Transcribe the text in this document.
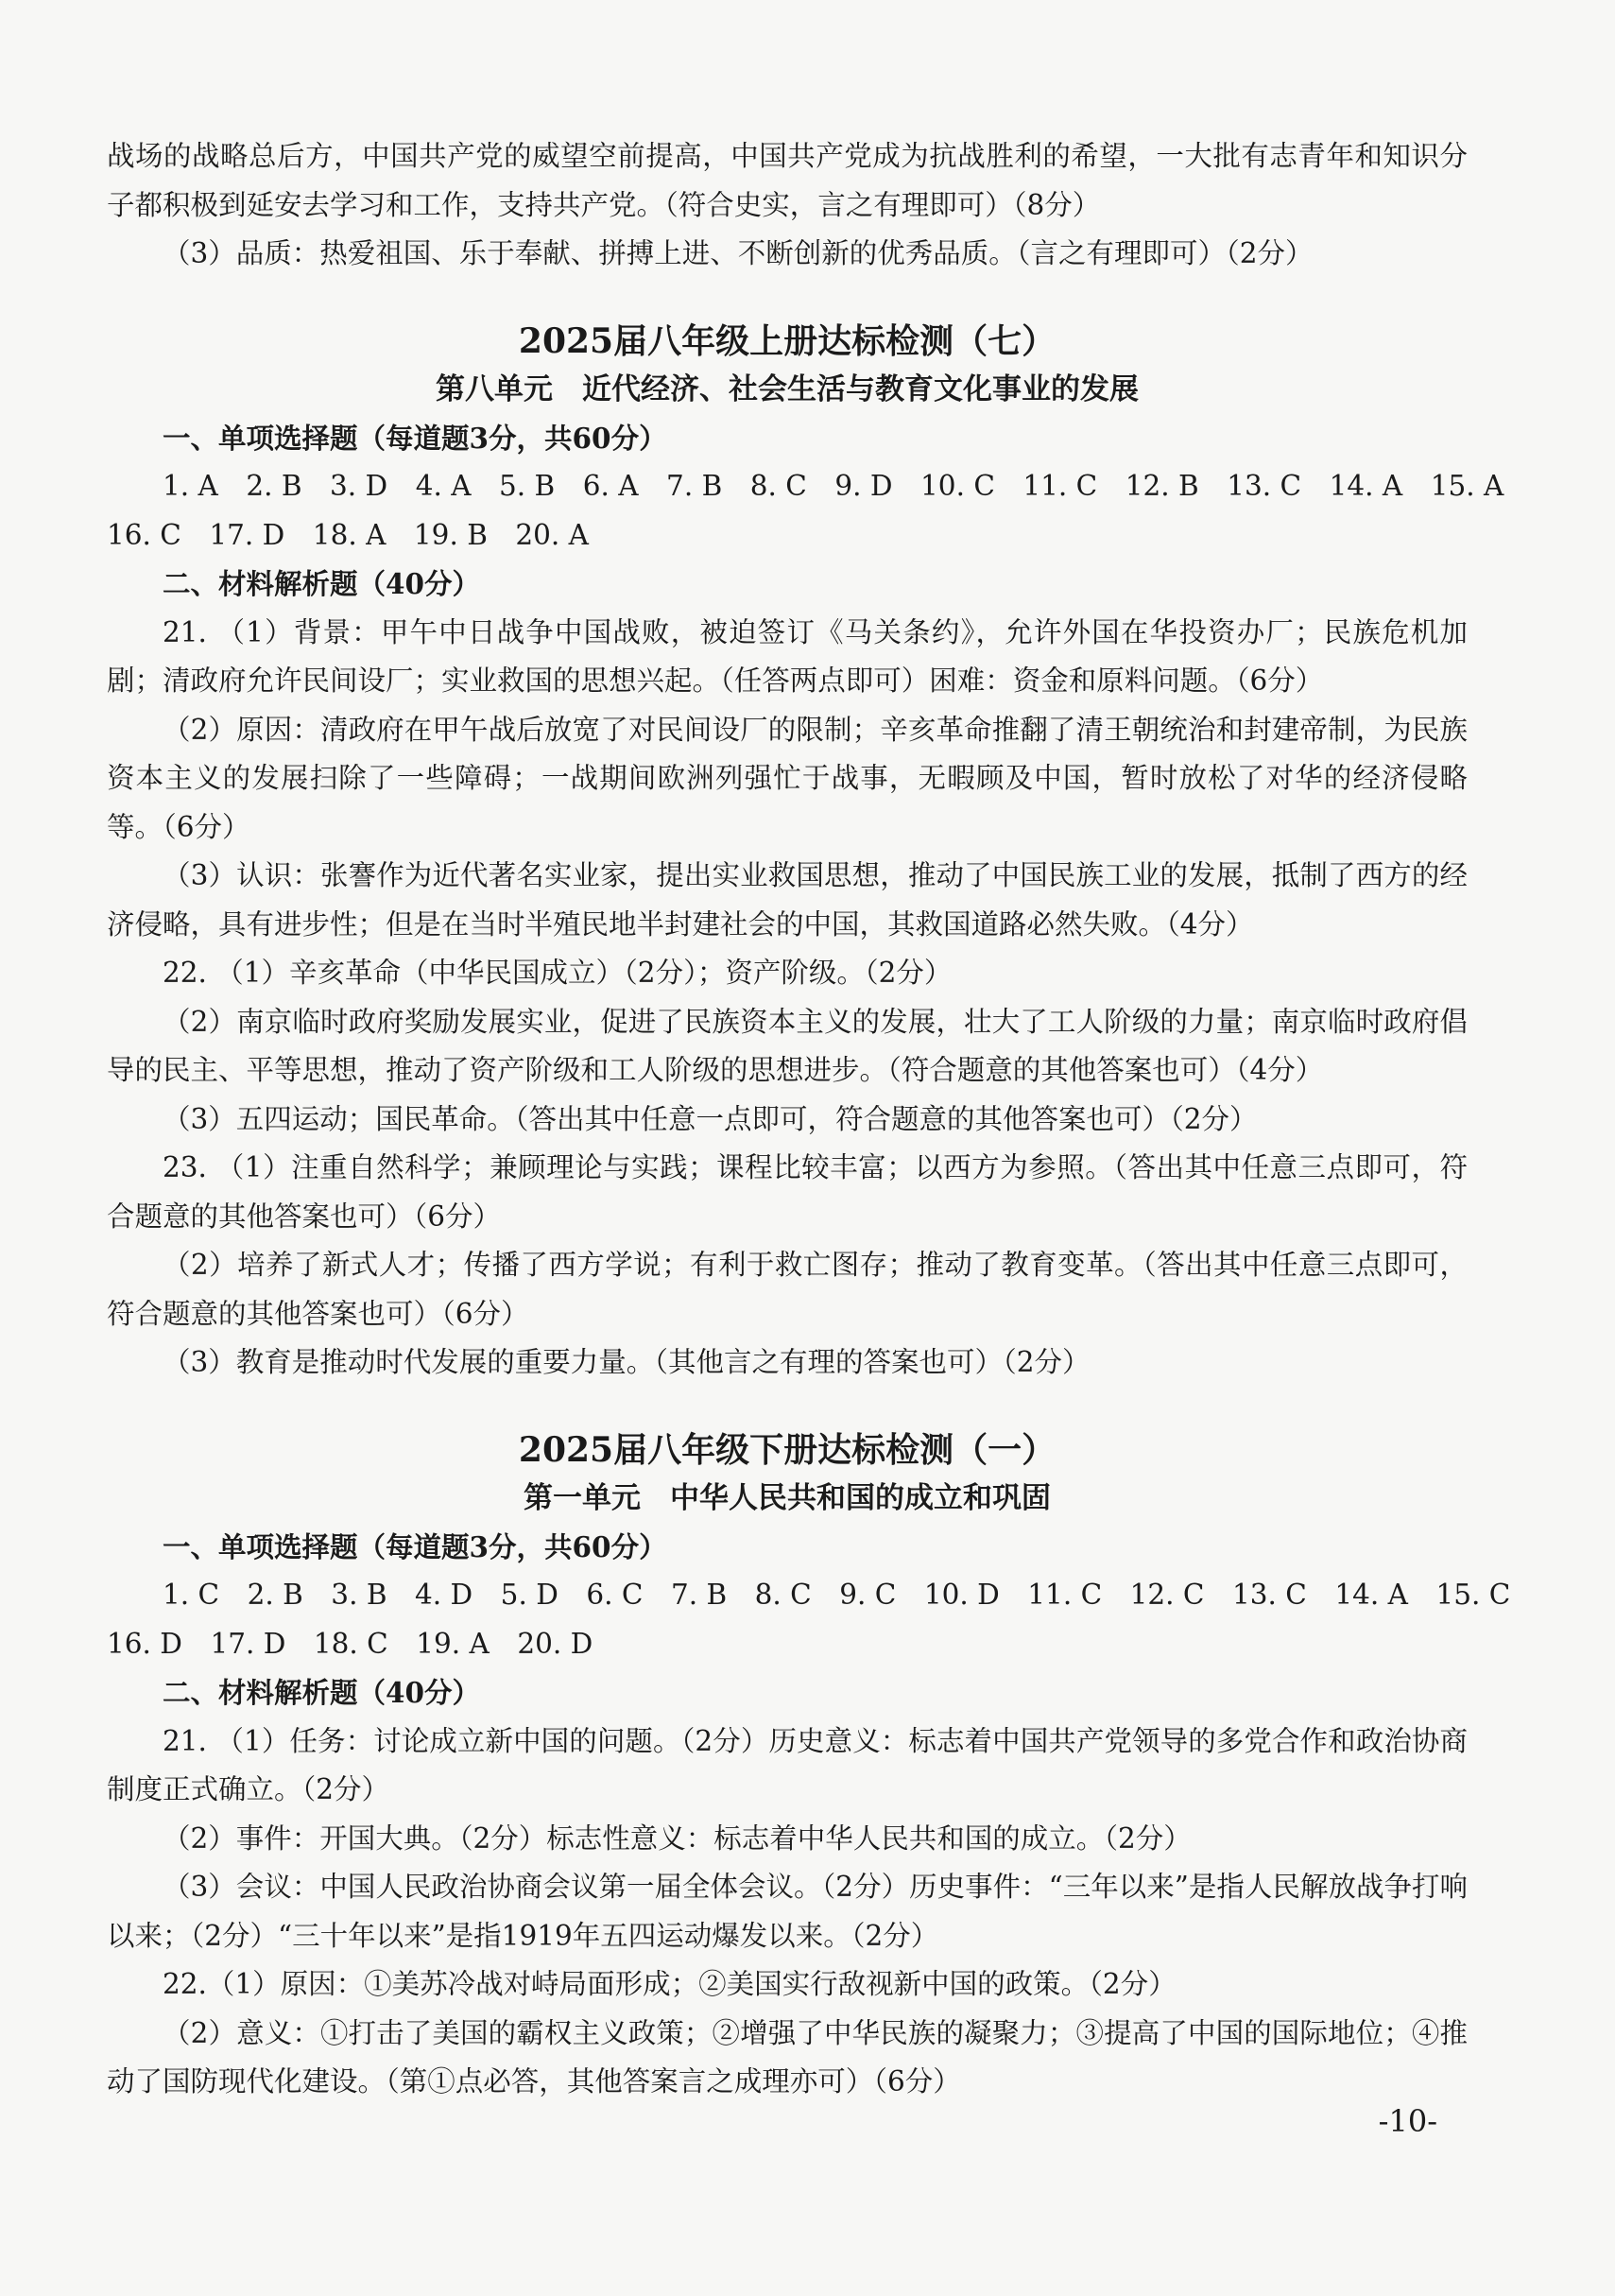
战场的战略总后方，中国共产党的威望空前提高，中国共产党成为抗战胜利的希望，一大批有志青年和知识分子都积极到延安去学习和工作，支持共产党。（符合史实，言之有理即可）（8分）

（3）品质：热爱祖国、乐于奉献、拼搏上进、不断创新的优秀品质。（言之有理即可）（2分）

2025届八年级上册达标检测（七）

第八单元　近代经济、社会生活与教育文化事业的发展

一、单项选择题（每道题3分，共60分）

1. A　2. B　3. D　4. A　5. B　6. A　7. B　8. C　9. D　10. C　11. C　12. B　13. C　14. A　15. A

16. C　17. D　18. A　19. B　20. A

二、材料解析题（40分）

21. （1）背景：甲午中日战争中国战败，被迫签订《马关条约》，允许外国在华投资办厂；民族危机加剧；清政府允许民间设厂；实业救国的思想兴起。（任答两点即可）困难：资金和原料问题。（6分）

（2）原因：清政府在甲午战后放宽了对民间设厂的限制；辛亥革命推翻了清王朝统治和封建帝制，为民族资本主义的发展扫除了一些障碍；一战期间欧洲列强忙于战事，无暇顾及中国，暂时放松了对华的经济侵略等。（6分）

（3）认识：张謇作为近代著名实业家，提出实业救国思想，推动了中国民族工业的发展，抵制了西方的经济侵略，具有进步性；但是在当时半殖民地半封建社会的中国，其救国道路必然失败。（4分）

22. （1）辛亥革命（中华民国成立）（2分）；资产阶级。（2分）

（2）南京临时政府奖励发展实业，促进了民族资本主义的发展，壮大了工人阶级的力量；南京临时政府倡导的民主、平等思想，推动了资产阶级和工人阶级的思想进步。（符合题意的其他答案也可）（4分）

（3）五四运动；国民革命。（答出其中任意一点即可，符合题意的其他答案也可）（2分）

23. （1）注重自然科学；兼顾理论与实践；课程比较丰富；以西方为参照。（答出其中任意三点即可，符合题意的其他答案也可）（6分）

（2）培养了新式人才；传播了西方学说；有利于救亡图存；推动了教育变革。（答出其中任意三点即可，符合题意的其他答案也可）（6分）

（3）教育是推动时代发展的重要力量。（其他言之有理的答案也可）（2分）

2025届八年级下册达标检测（一）

第一单元　中华人民共和国的成立和巩固

一、单项选择题（每道题3分，共60分）

1. C　2. B　3. B　4. D　5. D　6. C　7. B　8. C　9. C　10. D　11. C　12. C　13. C　14. A　15. C

16. D　17. D　18. C　19. A　20. D

二、材料解析题（40分）

21. （1）任务：讨论成立新中国的问题。（2分）历史意义：标志着中国共产党领导的多党合作和政治协商制度正式确立。（2分）

（2）事件：开国大典。（2分）标志性意义：标志着中华人民共和国的成立。（2分）

（3）会议：中国人民政治协商会议第一届全体会议。（2分）历史事件：“三年以来”是指人民解放战争打响以来；（2分）“三十年以来”是指1919年五四运动爆发以来。（2分）

22.（1）原因：①美苏冷战对峙局面形成；②美国实行敌视新中国的政策。（2分）

（2）意义：①打击了美国的霸权主义政策；②增强了中华民族的凝聚力；③提高了中国的国际地位；④推动了国防现代化建设。（第①点必答，其他答案言之成理亦可）（6分）

-10-
